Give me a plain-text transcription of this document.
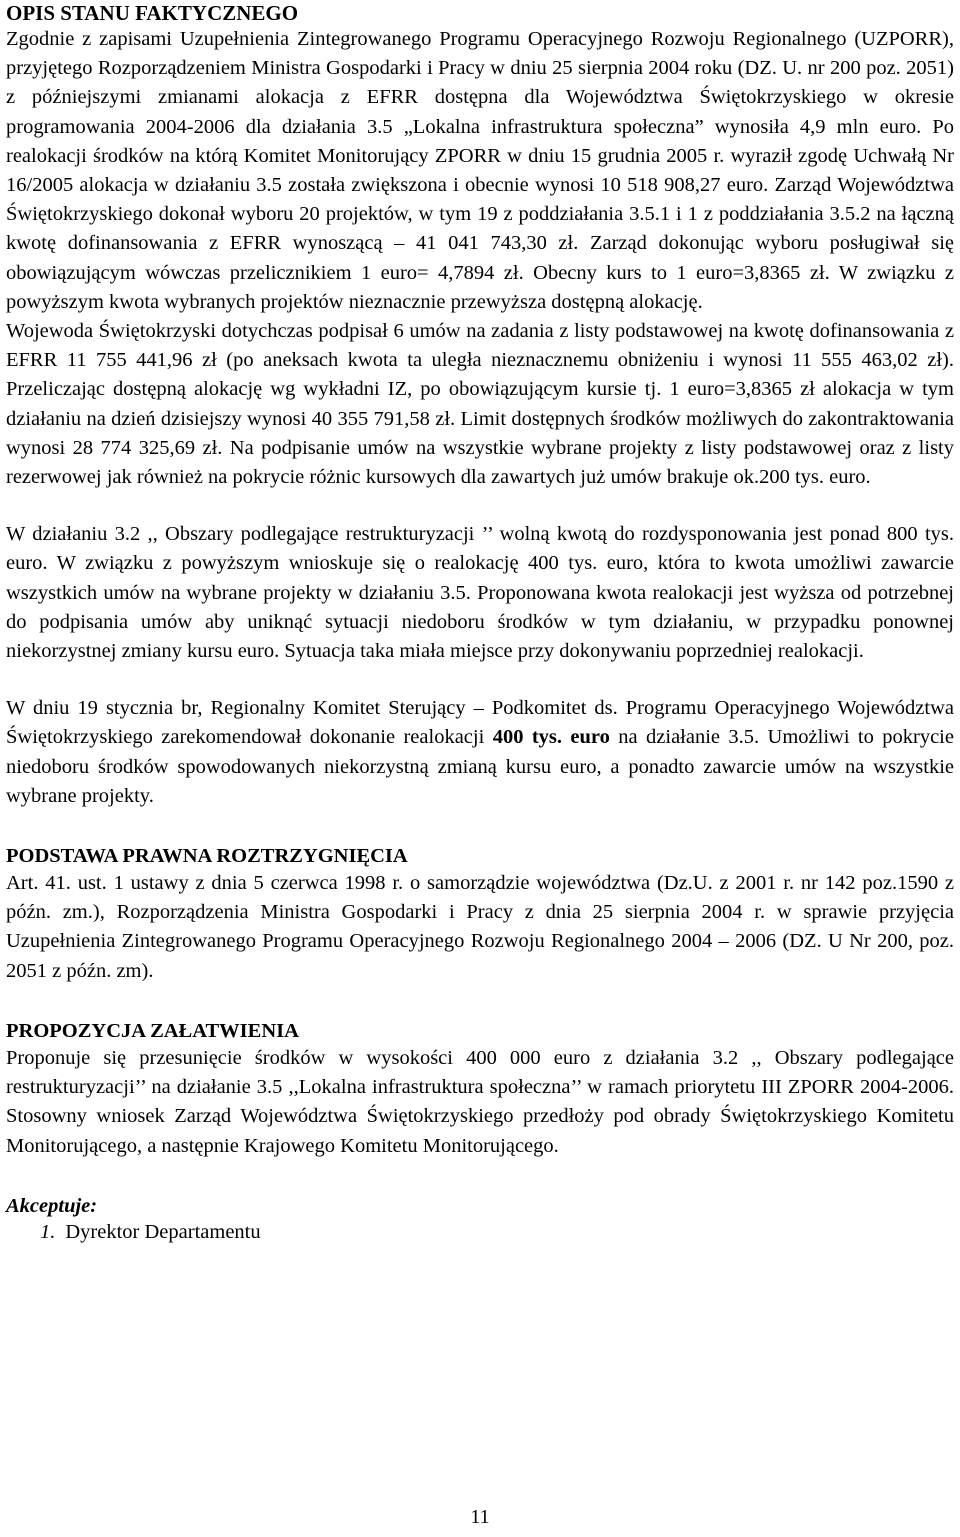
OPIS STANU FAKTYCZNEGO

Zgodnie z zapisami Uzupełnienia Zintegrowanego Programu Operacyjnego Rozwoju Regionalnego (UZPORR), przyjętego Rozporządzeniem Ministra Gospodarki i Pracy w dniu 25 sierpnia 2004 roku (DZ. U. nr 200 poz. 2051) z późniejszymi zmianami alokacja z EFRR dostępna dla Województwa Świętokrzyskiego w okresie programowania 2004-2006 dla działania 3.5 „Lokalna infrastruktura społeczna” wynosiła 4,9 mln euro. Po realokacji środków na którą Komitet Monitorujący ZPORR w dniu 15 grudnia 2005 r. wyraził zgodę Uchwałą Nr 16/2005 alokacja w działaniu 3.5 została zwiększona i obecnie wynosi 10 518 908,27 euro. Zarząd Województwa Świętokrzyskiego dokonał wyboru 20 projektów, w tym 19 z poddziałania 3.5.1 i 1 z poddziałania 3.5.2 na łączną kwotę dofinansowania z EFRR wynoszącą – 41 041 743,30 zł. Zarząd dokonując wyboru posługiwał się obowiązującym wówczas przelicznikiem 1 euro= 4,7894 zł. Obecny kurs to 1 euro=3,8365 zł. W związku z powyższym kwota wybranych projektów nieznacznie przewyższa dostępną alokację.

Wojewoda Świętokrzyski dotychczas podpisał 6 umów na zadania z listy podstawowej na kwotę dofinansowania z EFRR 11 755 441,96 zł (po aneksach kwota ta uległa nieznacznemu obniżeniu i wynosi 11 555 463,02 zł). Przeliczając dostępną alokację wg wykładni IZ, po obowiązującym kursie tj. 1 euro=3,8365 zł alokacja w tym działaniu na dzień dzisiejszy wynosi 40 355 791,58 zł. Limit dostępnych środków możliwych do zakontraktowania wynosi 28 774 325,69 zł. Na podpisanie umów na wszystkie wybrane projekty z listy podstawowej oraz z listy rezerwowej jak również na pokrycie różnic kursowych dla zawartych już umów brakuje ok.200 tys. euro.

W działaniu 3.2 ,, Obszary podlegające restrukturyzacji ’’ wolną kwotą do rozdysponowania jest ponad 800 tys. euro. W związku z powyższym wnioskuje się o realokację 400 tys. euro, która to kwota umożliwi zawarcie wszystkich umów na wybrane projekty w działaniu 3.5. Proponowana kwota realokacji jest wyższa od potrzebnej do podpisania umów aby uniknąć sytuacji niedoboru środków w tym działaniu, w przypadku ponownej niekorzystnej zmiany kursu euro. Sytuacja taka miała miejsce przy dokonywaniu poprzedniej realokacji.

W dniu 19 stycznia br, Regionalny Komitet Sterujący – Podkomitet ds. Programu Operacyjnego Województwa Świętokrzyskiego zarekomendował dokonanie realokacji 400 tys. euro na działanie 3.5. Umożliwi to pokrycie niedoboru środków spowodowanych niekorzystną zmianą kursu euro, a ponadto zawarcie umów na wszystkie wybrane projekty.

PODSTAWA PRAWNA ROZTRZYGNIĘCIA

Art. 41. ust. 1 ustawy z dnia 5 czerwca 1998 r. o samorządzie województwa (Dz.U. z 2001 r. nr 142 poz.1590 z późn. zm.), Rozporządzenia Ministra Gospodarki i Pracy z dnia 25 sierpnia 2004 r. w sprawie przyjęcia Uzupełnienia Zintegrowanego Programu Operacyjnego Rozwoju Regionalnego 2004 – 2006 (DZ. U Nr 200, poz. 2051 z późn. zm).

PROPOZYCJA ZAŁATWIENIA

Proponuje się przesunięcie środków w wysokości 400 000 euro z działania 3.2 ,, Obszary podlegające restrukturyzacji’’ na działanie 3.5 ,,Lokalna infrastruktura społeczna’’ w ramach priorytetu III ZPORR 2004-2006. Stosowny wniosek Zarząd Województwa Świętokrzyskiego przedłoży pod obrady Świętokrzyskiego Komitetu Monitorującego, a następnie Krajowego Komitetu Monitorującego.

Akceptuje:

1. Dyrektor Departamentu

11
